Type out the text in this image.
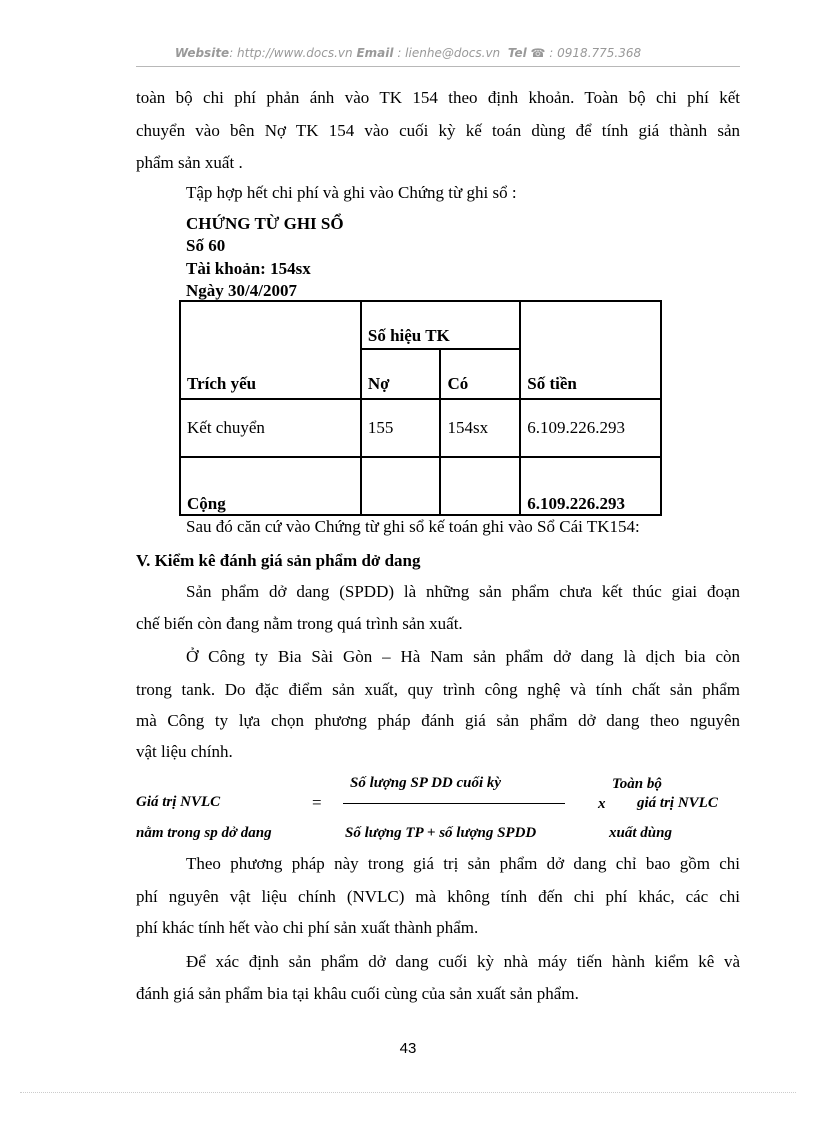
Website: http://www.docs.vn Email : lienhe@docs.vn Tel ☎ : 0918.775.368
toàn bộ chi phí phản ánh vào TK 154 theo định khoản. Toàn bộ chi phí kết
chuyển vào bên Nợ TK 154 vào cuối kỳ kế toán dùng để tính giá thành sản
phẩm sản xuất .
Tập hợp hết chi phí và ghi vào Chứng từ ghi sổ :
CHỨNG TỪ GHI SỔ
Số 60
Tài khoản: 154sx
Ngày 30/4/2007
Trích yếu	Số hiệu TK		Số tiền
	Nợ	Có	
Kết chuyển	155	154sx	6.109.226.293
Cộng			6.109.226.293
Sau đó căn cứ vào Chứng từ ghi sổ kế toán ghi vào Sổ Cái TK154:
V. Kiểm kê đánh giá sản phẩm dở dang
Sản phẩm dở dang (SPDD) là những sản phẩm chưa kết thúc giai đoạn
chế biến còn đang nằm trong quá trình sản xuất.
Ở Công ty Bia Sài Gòn – Hà Nam sản phẩm dở dang là dịch bia còn
trong tank. Do đặc điểm sản xuất, quy trình công nghệ và tính chất sản phẩm
mà Công ty lựa chọn phương pháp đánh giá sản phẩm dở dang theo nguyên
vật liệu chính.
Giá trị NVLC
nằm trong sp dở dang
=
Số lượng SP DD cuối kỳ
Số lượng TP + số lượng SPDD
x
Toàn bộ
giá trị NVLC
xuất dùng
Theo phương pháp này trong giá trị sản phẩm dở dang chỉ bao gồm chi
phí nguyên vật liệu chính (NVLC) mà không tính đến chi phí khác, các chi
phí khác tính hết vào chi phí sản xuất thành phẩm.
Để xác định sản phẩm dở dang cuối kỳ nhà máy tiến hành kiểm kê và
đánh giá sản phẩm bia tại khâu cuối cùng của sản xuất sản phẩm.
43
